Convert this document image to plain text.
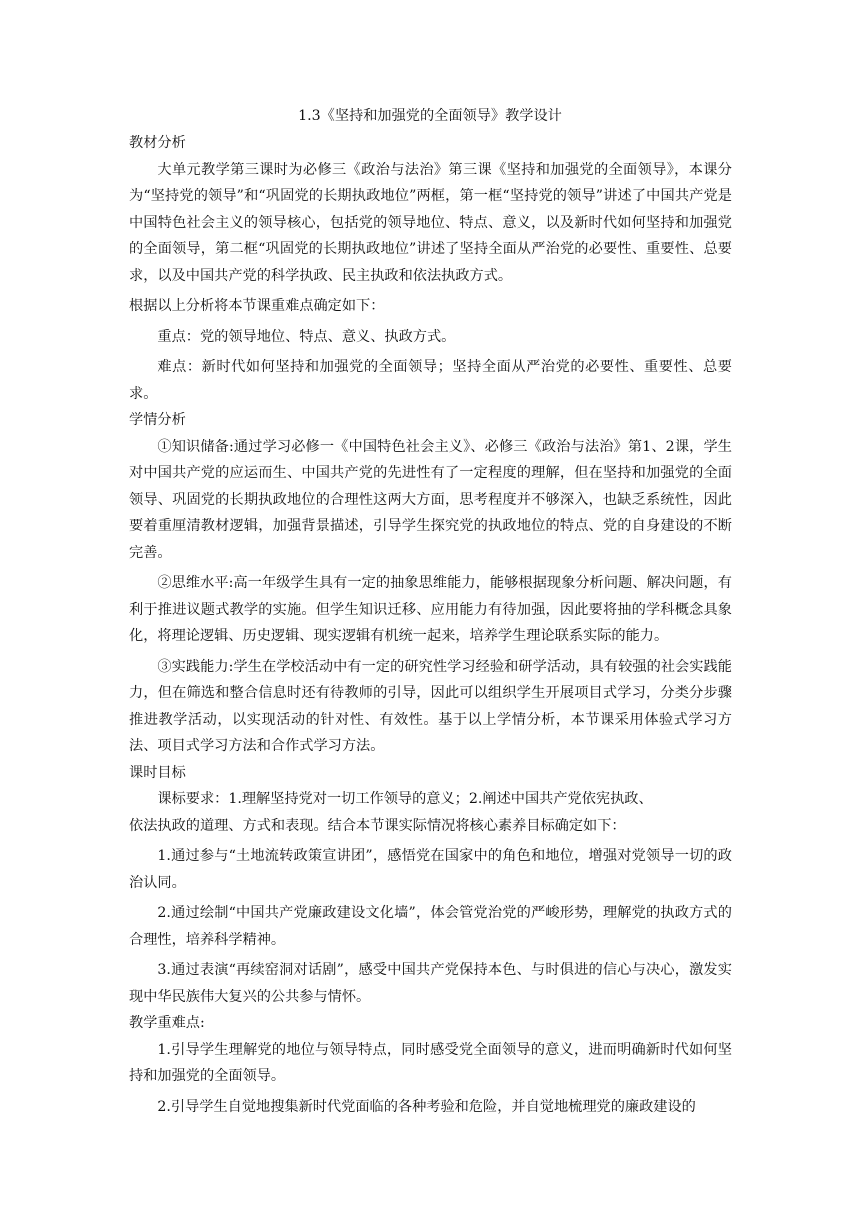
1.3《坚持和加强党的全面领导》教学设计

教材分析

大单元教学第三课时为必修三《政治与法治》第三课《坚持和加强党的全面领导》，本课分为“坚持党的领导”和“巩固党的长期执政地位”两框，第一框“坚持党的领导”讲述了中国共产党是中国特色社会主义的领导核心，包括党的领导地位、特点、意义，以及新时代如何坚持和加强党的全面领导，第二框“巩固党的长期执政地位”讲述了坚持全面从严治党的必要性、重要性、总要求，以及中国共产党的科学执政、民主执政和依法执政方式。

根据以上分析将本节课重难点确定如下：

重点：党的领导地位、特点、意义、执政方式。

难点：新时代如何坚持和加强党的全面领导；坚持全面从严治党的必要性、重要性、总要求。

学情分析

①知识储备:通过学习必修一《中国特色社会主义》、必修三《政治与法治》第1、2课，学生对中国共产党的应运而生、中国共产党的先进性有了一定程度的理解，但在坚持和加强党的全面领导、巩固党的长期执政地位的合理性这两大方面，思考程度并不够深入，也缺乏系统性，因此要着重厘清教材逻辑，加强背景描述，引导学生探究党的执政地位的特点、党的自身建设的不断完善。

②思维水平:高一年级学生具有一定的抽象思维能力，能够根据现象分析问题、解决问题，有利于推进议题式教学的实施。但学生知识迁移、应用能力有待加强，因此要将抽的学科概念具象化，将理论逻辑、历史逻辑、现实逻辑有机统一起来，培养学生理论联系实际的能力。

③实践能力:学生在学校活动中有一定的研究性学习经验和研学活动，具有较强的社会实践能力，但在筛选和整合信息时还有待教师的引导，因此可以组织学生开展项目式学习，分类分步骤推进教学活动，以实现活动的针对性、有效性。基于以上学情分析，本节课采用体验式学习方法、项目式学习方法和合作式学习方法。

课时目标

课标要求：1.理解坚持党对一切工作领导的意义；2.阐述中国共产党依宪执政、

依法执政的道理、方式和表现。结合本节课实际情况将核心素养目标确定如下：

1.通过参与“土地流转政策宣讲团”，感悟党在国家中的角色和地位，增强对党领导一切的政治认同。

2.通过绘制“中国共产党廉政建设文化墙”，体会管党治党的严峻形势，理解党的执政方式的合理性，培养科学精神。

3.通过表演“再续窑洞对话剧”，感受中国共产党保持本色、与时俱进的信心与决心，激发实现中华民族伟大复兴的公共参与情怀。

教学重难点:

1.引导学生理解党的地位与领导特点，同时感受党全面领导的意义，进而明确新时代如何坚持和加强党的全面领导。

2.引导学生自觉地搜集新时代党面临的各种考验和危险，并自觉地梳理党的廉政建设的
